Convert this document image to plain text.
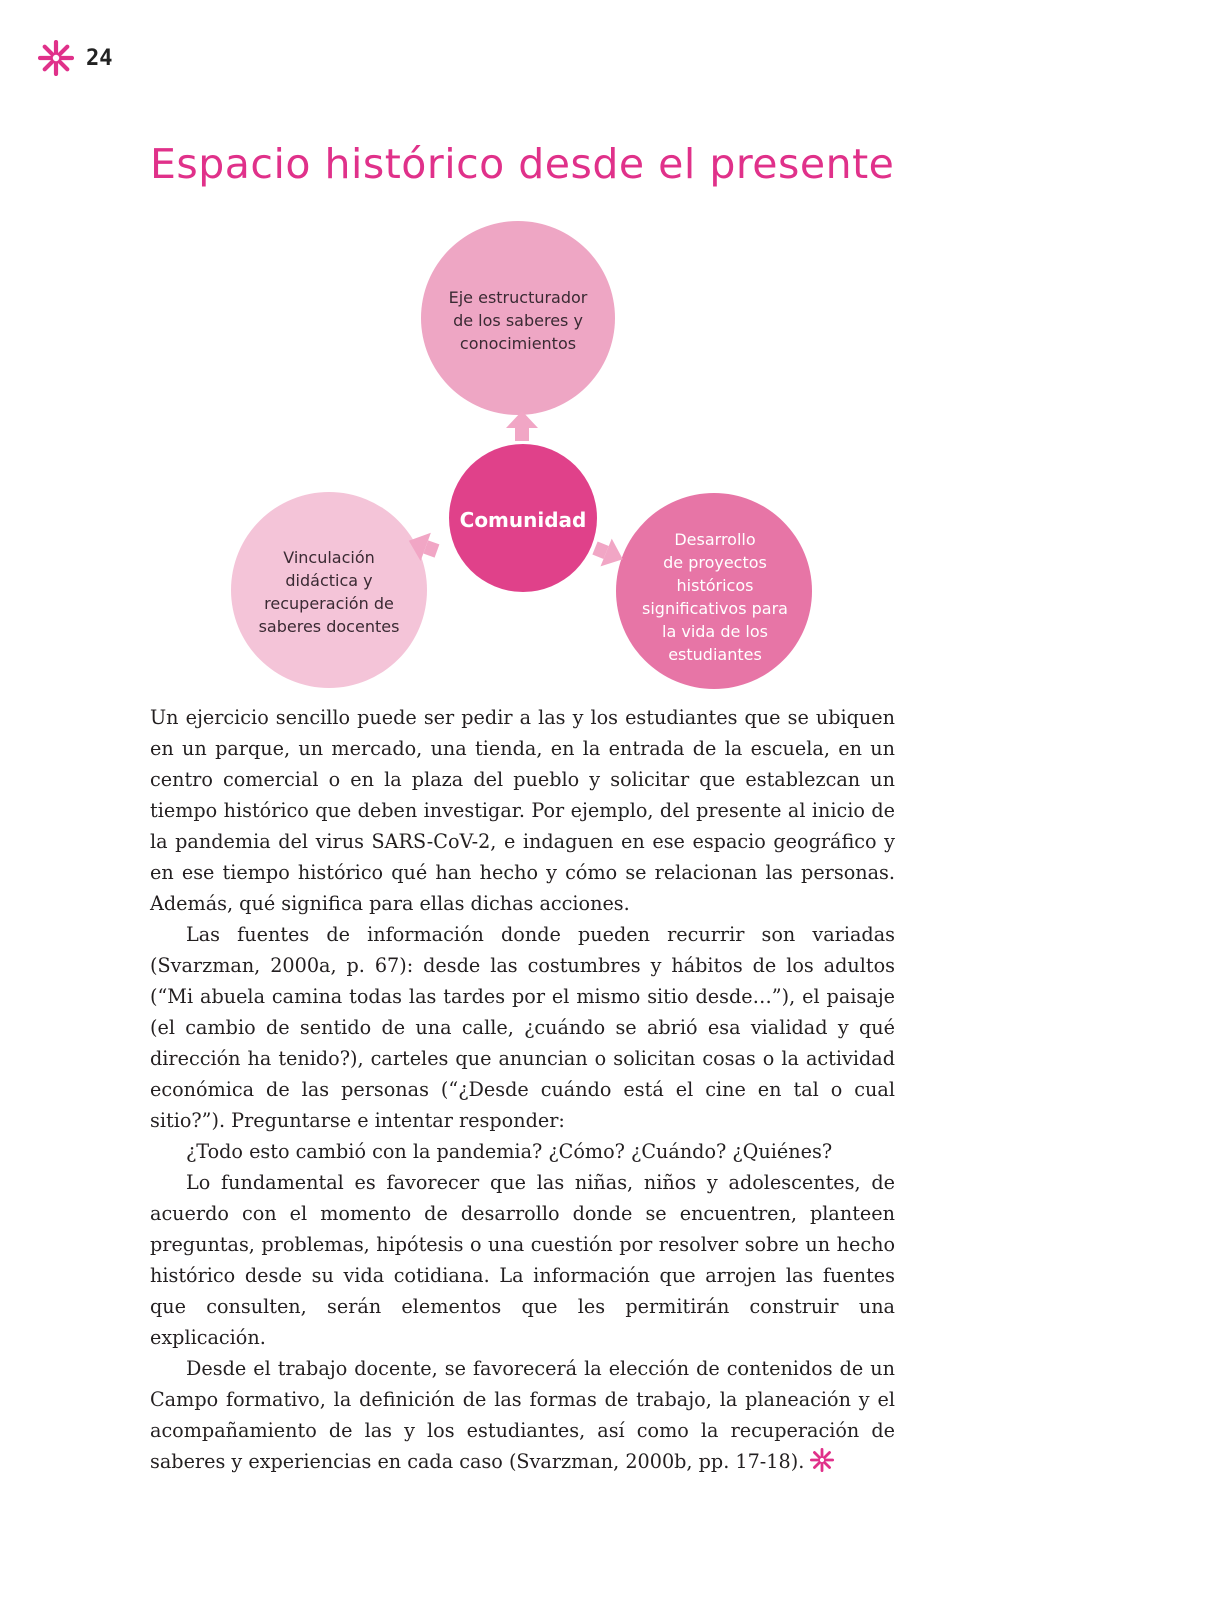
24
Espacio histórico desde el presente
Eje estructurador
de los saberes y
conocimientos
Comunidad
Vinculación
didáctica y
recuperación de
saberes docentes
Desarrollo
de proyectos
históricos
significativos para
la vida de los
estudiantes

Un ejercicio sencillo puede ser pedir a las y los estudiantes que se ubiquen en un parque, un mercado, una tienda, en la entrada de la escuela, en un centro comercial o en la plaza del pueblo y solicitar que establezcan un tiempo histórico que deben investigar. Por ejemplo, del presente al inicio de la pandemia del virus SARS-CoV-2, e indaguen en ese espacio geográfico y en ese tiempo histórico qué han hecho y cómo se relacionan las personas. Además, qué significa para ellas dichas acciones.

Las fuentes de información donde pueden recurrir son variadas (Svarzman, 2000a, p. 67): desde las costumbres y hábitos de los adultos (“Mi abuela camina todas las tardes por el mismo sitio desde…”), el paisaje (el cambio de sentido de una calle, ¿cuándo se abrió esa vialidad y qué dirección ha tenido?), carteles que anuncian o solicitan cosas o la actividad económica de las personas (“¿Desde cuándo está el cine en tal o cual sitio?”). Preguntarse e intentar responder:

¿Todo esto cambió con la pandemia? ¿Cómo? ¿Cuándo? ¿Quiénes?

Lo fundamental es favorecer que las niñas, niños y adolescentes, de acuerdo con el momento de desarrollo donde se encuentren, planteen preguntas, problemas, hipótesis o una cuestión por resolver sobre un hecho histórico desde su vida cotidiana. La información que arrojen las fuentes que consulten, serán elementos que les permitirán construir una explicación.

Desde el trabajo docente, se favorecerá la elección de contenidos de un Campo formativo, la definición de las formas de trabajo, la planeación y el acompañamiento de las y los estudiantes, así como la recuperación de saberes y experiencias en cada caso (Svarzman, 2000b, pp. 17-18).
